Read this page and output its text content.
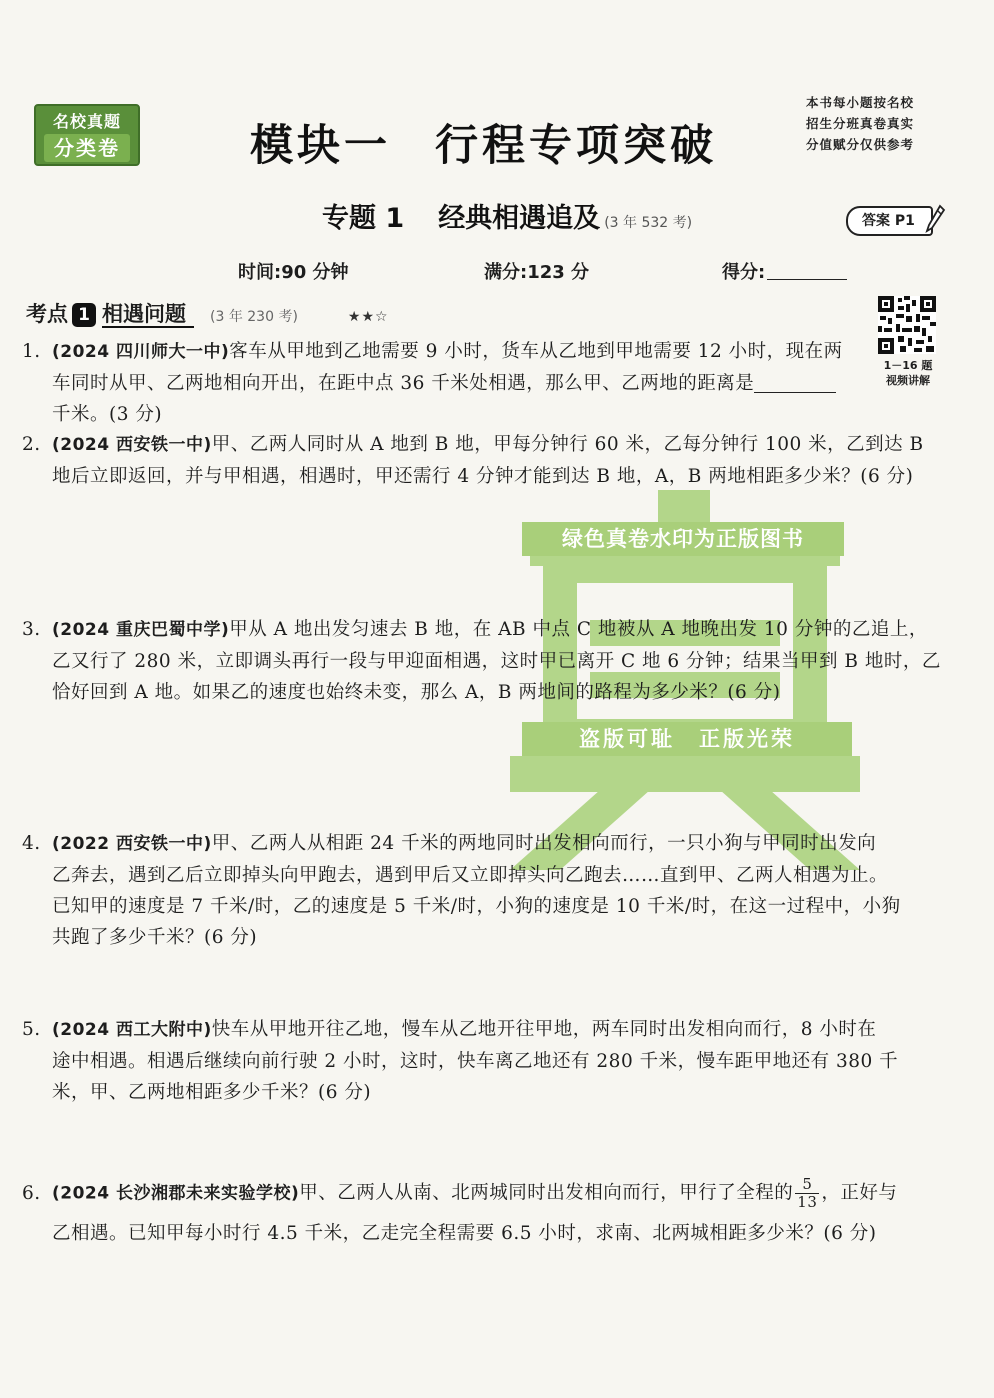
绿色真卷水印为正版图书
盗版可耻　正版光荣
名校真题
分类卷	模块一 行程专项突破
本书每小题按名校
招生分班真卷真实
分值赋分仅供参考
专题 1 经典相遇追及 (3 年 532 考)	答案 P1
时间:90 分钟	满分:123 分	得分:
考点 1 相遇问题 (3 年 230 考)	★★☆
1－16 题
视频讲解
1. (2024 四川师大一中)客车从甲地到乙地需要 9 小时，货车从乙地到甲地需要 12 小时，现在两
车同时从甲、乙两地相向开出，在距中点 36 千米处相遇，那么甲、乙两地的距离是
千米。(3 分)
2. (2024 西安铁一中)甲、乙两人同时从 A 地到 B 地，甲每分钟行 60 米，乙每分钟行 100 米，乙到达 B
地后立即返回，并与甲相遇，相遇时，甲还需行 4 分钟才能到达 B 地，A，B 两地相距多少米？(6 分)
3. (2024 重庆巴蜀中学)甲从 A 地出发匀速去 B 地，在 AB 中点 C 地被从 A 地晚出发 10 分钟的乙追上，
乙又行了 280 米，立即调头再行一段与甲迎面相遇，这时甲已离开 C 地 6 分钟；结果当甲到 B 地时，乙
恰好回到 A 地。如果乙的速度也始终未变，那么 A，B 两地间的路程为多少米？(6 分)
4. (2022 西安铁一中)甲、乙两人从相距 24 千米的两地同时出发相向而行，一只小狗与甲同时出发向
乙奔去，遇到乙后立即掉头向甲跑去，遇到甲后又立即掉头向乙跑去……直到甲、乙两人相遇为止。
已知甲的速度是 7 千米/时，乙的速度是 5 千米/时，小狗的速度是 10 千米/时，在这一过程中，小狗
共跑了多少千米？(6 分)
5. (2024 西工大附中)快车从甲地开往乙地，慢车从乙地开往甲地，两车同时出发相向而行，8 小时在
途中相遇。相遇后继续向前行驶 2 小时，这时，快车离乙地还有 280 千米，慢车距甲地还有 380 千
米，甲、乙两地相距多少千米？(6 分)
6. (2024 长沙湘郡未来实验学校)甲、乙两人从南、北两城同时出发相向而行，甲行了全程的 $\frac{5}{13}$ ，正好与
乙相遇。已知甲每小时行 4.5 千米，乙走完全程需要 6.5 小时，求南、北两城相距多少米？(6 分)
